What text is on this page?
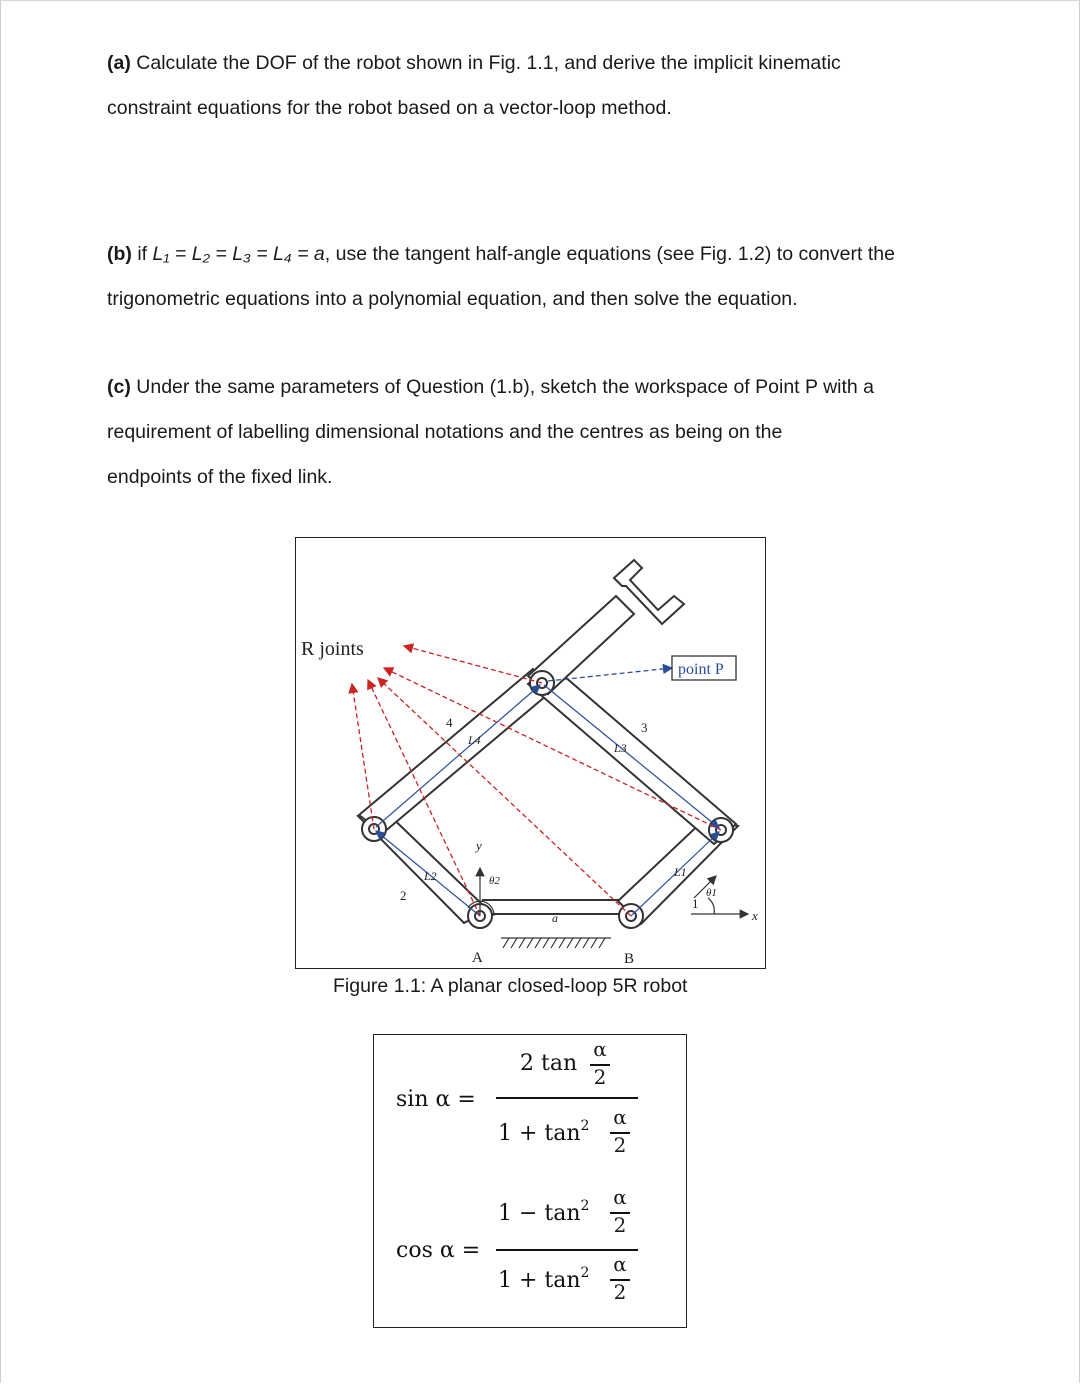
(a) Calculate the DOF of the robot shown in Fig. 1.1, and derive the implicit kinematic
constraint equations for the robot based on a vector-loop method.
(b) if L₁ = L₂ = L₃ = L₄ = a, use the tangent half-angle equations (see Fig. 1.2) to convert the
trigonometric equations into a polynomial equation, and then solve the equation.
(c) Under the same parameters of Question (1.b), sketch the workspace of Point P with a
requirement of labelling dimensional notations and the centres as being on the
endpoints of the fixed link.
R joints
point P
4
L4
3
L3
2
L2	L1
1
y
x
θ2
θ1
a
A	B
Figure 1.1: A planar closed-loop 5R robot
sin α =
2 tan
α
2
$1 + \tan^2 \alpha$
2
cos α =
$1 - \tan^2 \alpha$
2
$1 + \tan^2 \alpha$
2
